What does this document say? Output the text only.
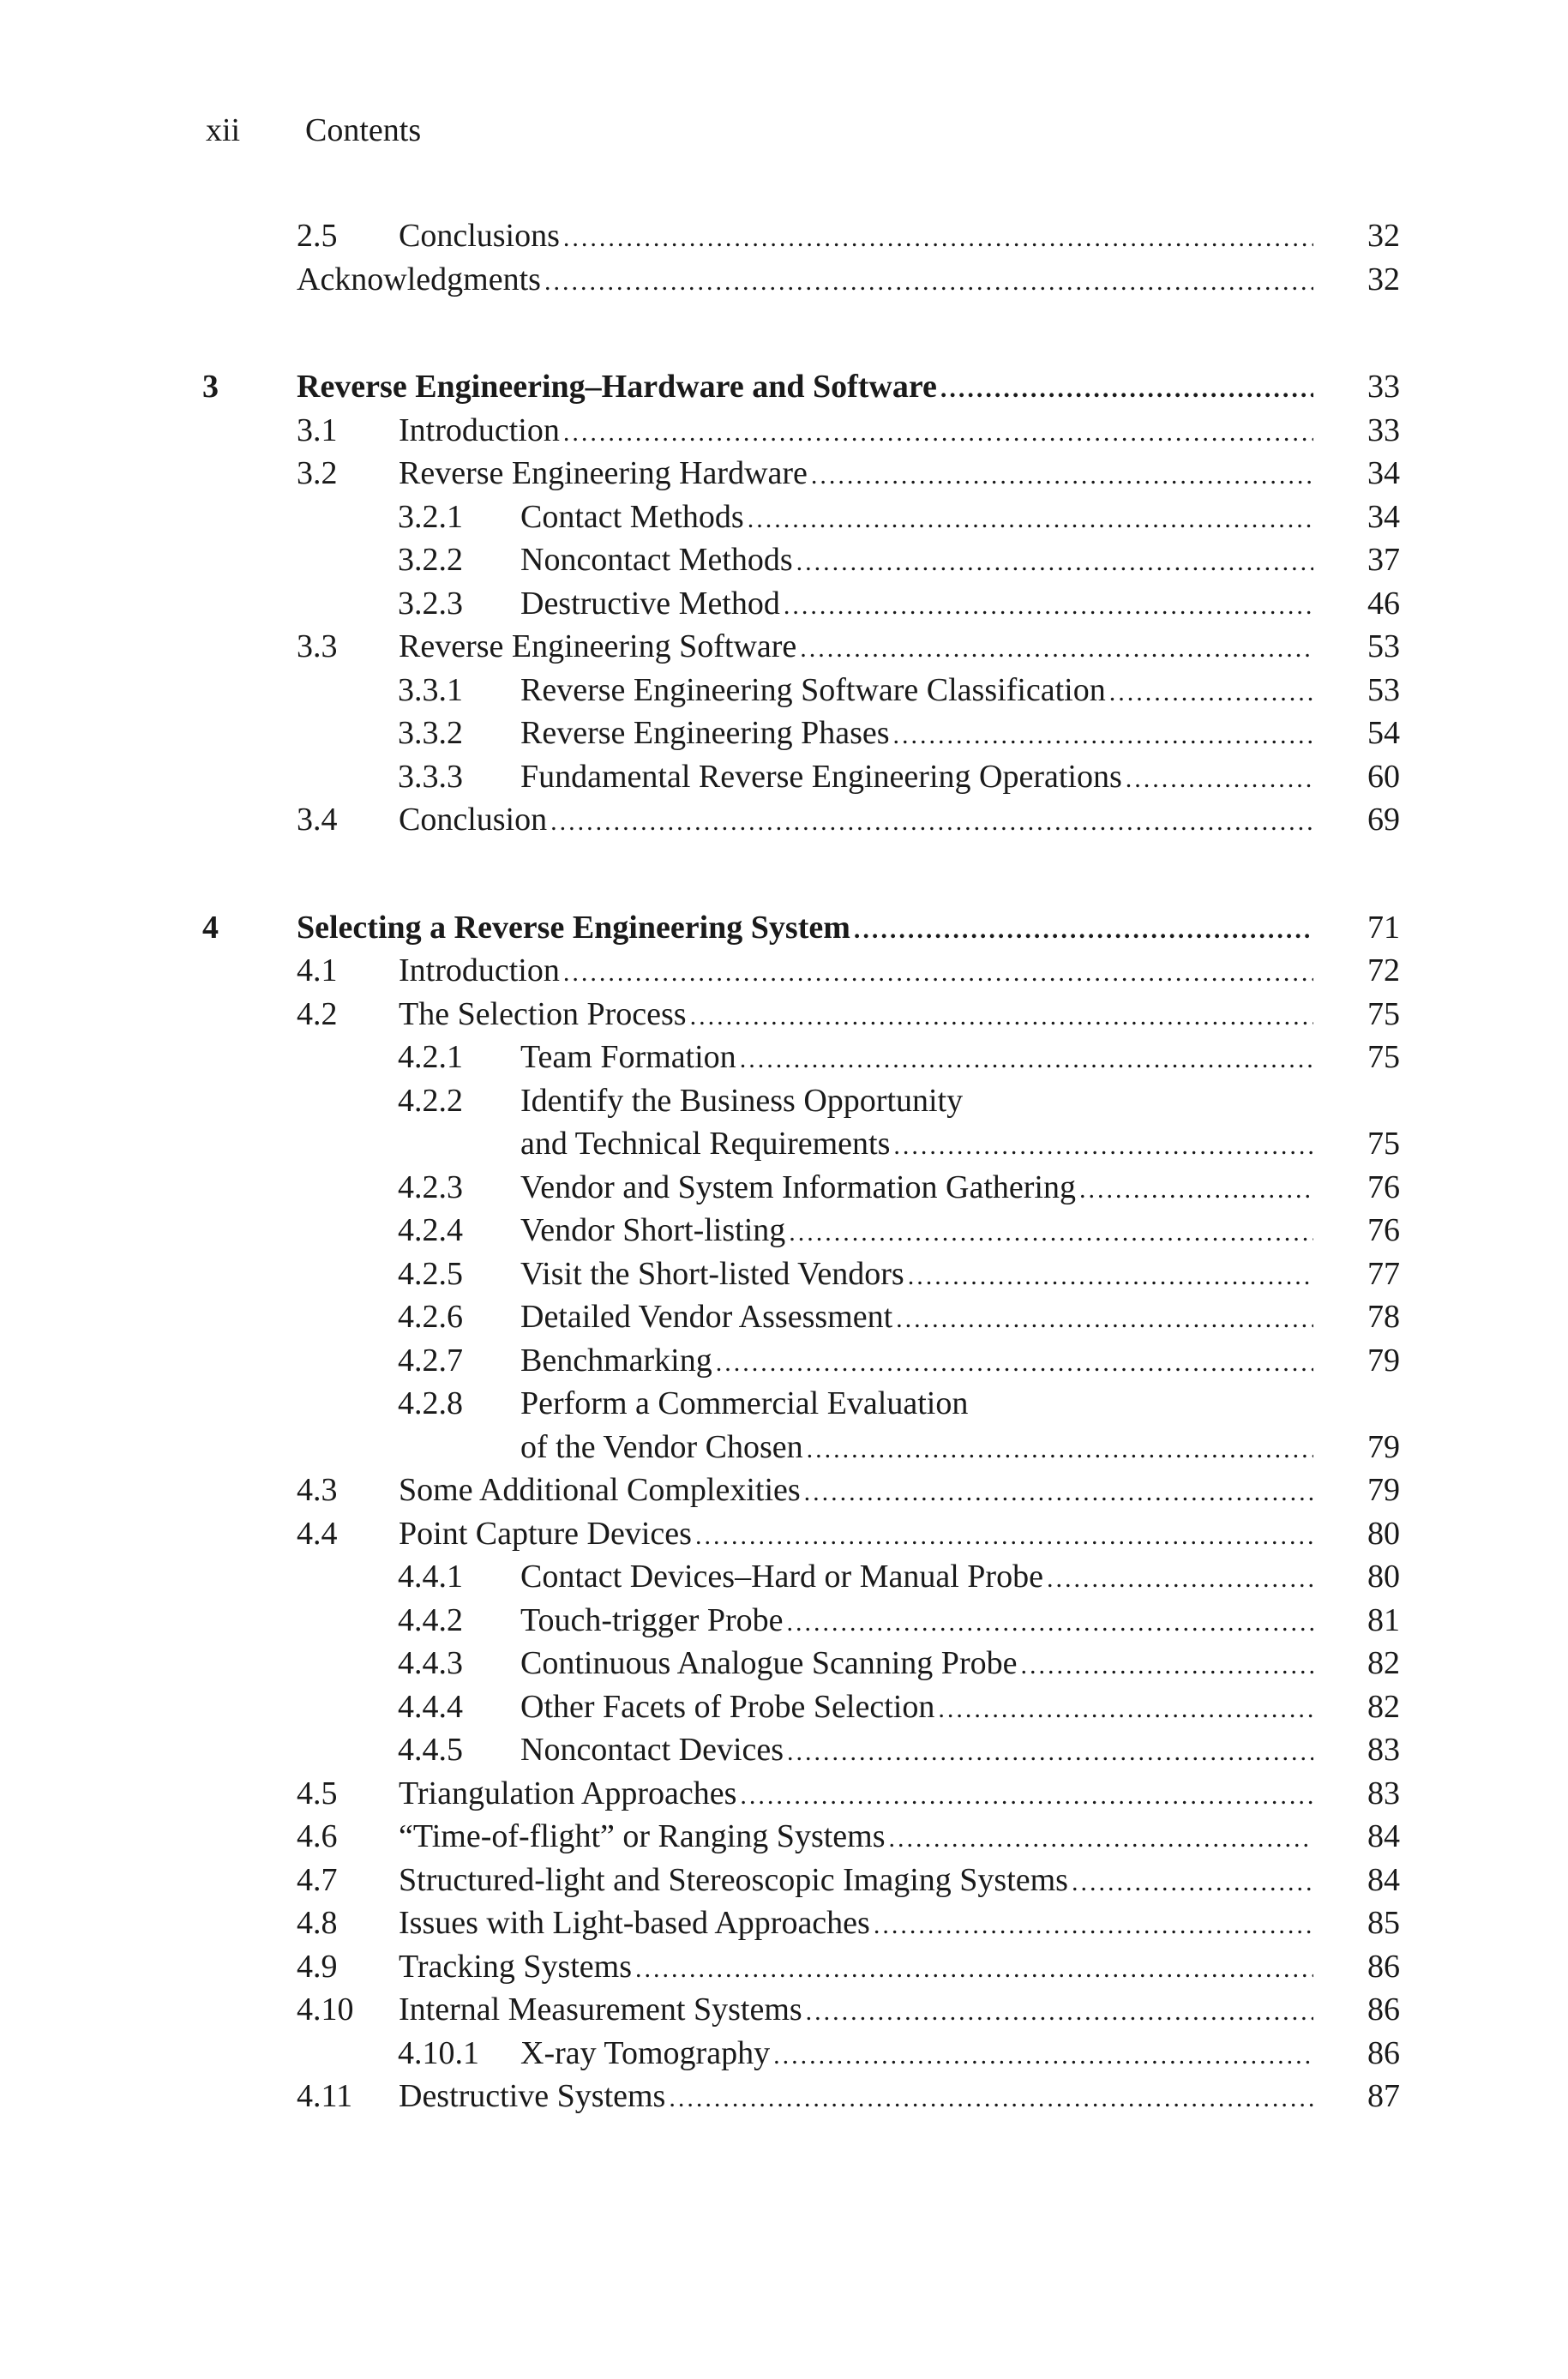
xii Contents
2.5 Conclusions .....	32
Acknowledgments .....	32
3 Reverse Engineering–Hardware and Software .....	33
3.1 Introduction .....	33
3.2 Reverse Engineering Hardware .....	34
3.2.1 Contact Methods .....	34
3.2.2 Noncontact Methods .....	37
3.2.3 Destructive Method .....	46
3.3 Reverse Engineering Software .....	53
3.3.1 Reverse Engineering Software Classification .....	53
3.3.2 Reverse Engineering Phases .....	54
3.3.3 Fundamental Reverse Engineering Operations .....	60
3.4 Conclusion .....	69
4 Selecting a Reverse Engineering System .....	71
4.1 Introduction .....	72
4.2 The Selection Process .....	75
4.2.1 Team Formation .....	75
4.2.2 Identify the Business Opportunity
and Technical Requirements .....	75
4.2.3 Vendor and System Information Gathering .....	76
4.2.4 Vendor Short-listing .....	76
4.2.5 Visit the Short-listed Vendors .....	77
4.2.6 Detailed Vendor Assessment .....	78
4.2.7 Benchmarking .....	79
4.2.8 Perform a Commercial Evaluation
of the Vendor Chosen .....	79
4.3 Some Additional Complexities .....	79
4.4 Point Capture Devices .....	80
4.4.1 Contact Devices–Hard or Manual Probe .....	80
4.4.2 Touch-trigger Probe .....	81
4.4.3 Continuous Analogue Scanning Probe .....	82
4.4.4 Other Facets of Probe Selection .....	82
4.4.5 Noncontact Devices .....	83
4.5 Triangulation Approaches .....	83
4.6 “Time-of-flight” or Ranging Systems .....	84
4.7 Structured-light and Stereoscopic Imaging Systems .....	84
4.8 Issues with Light-based Approaches .....	85
4.9 Tracking Systems .....	86
4.10 Internal Measurement Systems .....	86
4.10.1 X-ray Tomography .....	86
4.11 Destructive Systems .....	87
